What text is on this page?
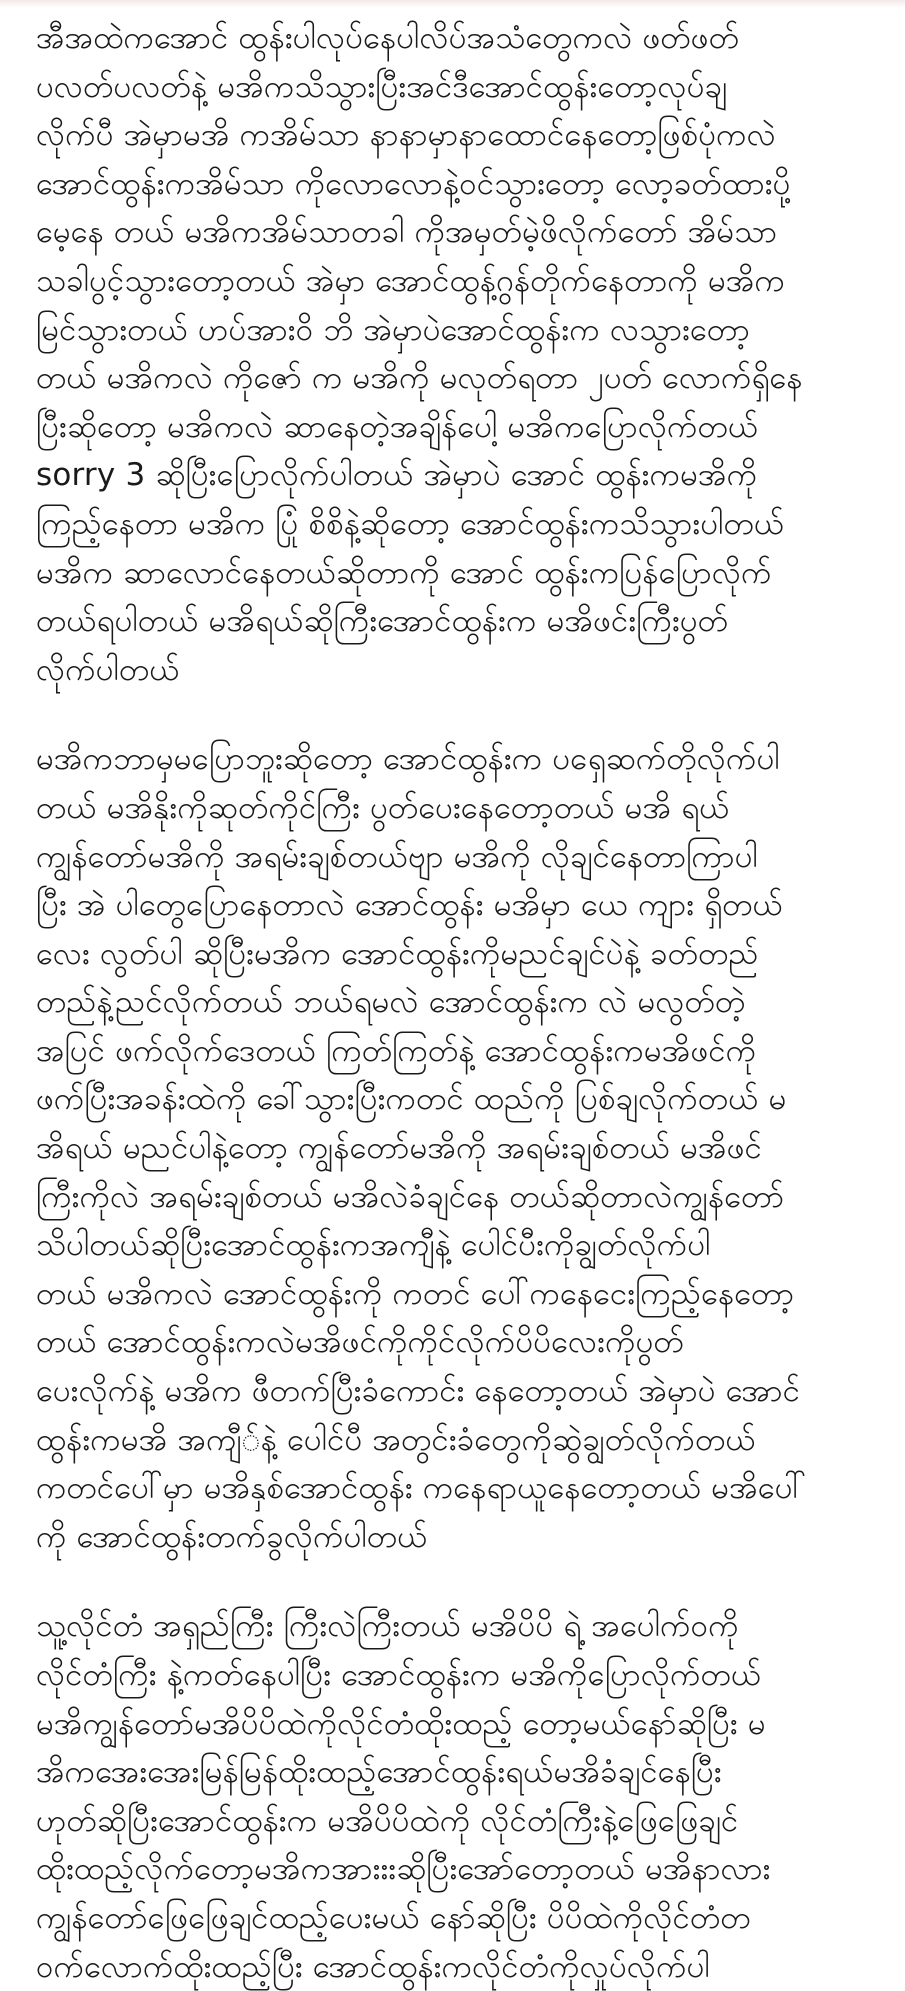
အီအထဲကအောင် ထွန်းပါလုပ်နေပါလိပ်အသံတွေကလဲ ဖတ်ဖတ်
ပလတ်ပလတ်နဲ့ မအိကသိသွားပြီးအင်ဒီအောင်ထွန်းတော့လုပ်ချ
လိုက်ပီ အဲမှာမအိ ကအိမ်သာ နာနာမှာနာထောင်နေတော့ဖြစ်ပုံကလဲ
အောင်ထွန်းကအိမ်သာ ကိုလောလောနဲ့ဝင်သွားတော့ လော့ခတ်ထားပို့
မေ့နေ တယ် မအိကအိမ်သာတခါ ကိုအမှတ်မဲ့ဖိလိုက်တော် အိမ်သာ
သခါပွင့်သွားတော့တယ် အဲမှာ အောင်ထွန့်ဂွန်တိုက်နေတာကို မအိက
မြင်သွားတယ် ဟပ်အားဝိ ဘိ အဲမှာပဲအောင်ထွန်းက လသွားတော့
တယ် မအိကလဲ ကိုဇော် က မအိကို မလုတ်ရတာ ၂ပတ် လောက်ရှိနေ
ပြီးဆိုတော့ မအိကလဲ ဆာနေတဲ့အချိန်ပေါ့ မအိကပြောလိုက်တယ်
sorry 3 ဆိုပြီးပြောလိုက်ပါတယ် အဲမှာပဲ အောင် ထွန်းကမအိကို
ကြည့်နေတာ မအိက ပြုံ စိစိနဲ့ဆိုတော့ အောင်ထွန်းကသိသွားပါတယ်
မအိက ဆာလောင်နေတယ်ဆိုတာကို အောင် ထွန်းကပြန်ပြောလိုက်
တယ်ရပါတယ် မအိရယ်ဆိုကြီးအောင်ထွန်းက မအိဖင်းကြီးပွတ်
လိုက်ပါတယ်

မအိကဘာမှမပြောဘူးဆိုတော့ အောင်ထွန်းက ပရှေဆက်တိုလိုက်ပါ
တယ် မအိနိုးကိုဆုတ်ကိုင်ကြီး ပွတ်ပေးနေတော့တယ် မအိ ရယ်
ကျွန်တော်မအိကို အရမ်းချစ်တယ်ဗျာ မအိကို လိုချင်နေတာကြာပါ
ပြီး အဲ ပါတွေပြောနေတာလဲ အောင်ထွန်း မအိမှာ ယေ ကျား ရှိတယ်
လေး လွတ်ပါ ဆိုပြီးမအိက အောင်ထွန်းကိုမညင်ချင်ပဲနဲ့ ခတ်တည်
တည်နဲ့ညင်လိုက်တယ် ဘယ်ရမလဲ အောင်ထွန်းက လဲ မလွတ်တဲ့
အပြင် ဖက်လိုက်ဒေတယ် ကြတ်ကြတ်နဲ့ အောင်ထွန်းကမအိဖင်ကို
ဖက်ပြီးအခန်းထဲကို ခေါ်သွားပြီးကတင် ထည်ကို ပြစ်ချလိုက်တယ် မ
အိရယ် မညင်ပါနဲ့တော့ ကျွန်တော်မအိကို အရမ်းချစ်တယ် မအိဖင်
ကြီးကိုလဲ အရမ်းချစ်တယ် မအိလဲခံချင်နေ တယ်ဆိုတာလဲကျွန်တော်
သိပါတယ်ဆိုပြီးအောင်ထွန်းကအကျီနဲ့ ပေါင်ပီးကိုချွတ်လိုက်ပါ
တယ် မအိကလဲ အောင်ထွန်းကို ကတင် ပေါ်ကနေငေးကြည့်နေတော့
တယ် အောင်ထွန်းကလဲမအိဖင်ကိုကိုင်လိုက်ပိပိလေးကိုပွတ်
ပေးလိုက်နဲ့ မအိက ဖီတက်ပြီးခံကောင်း နေတော့တယ် အဲမှာပဲ အောင်
ထွန်းကမအိ အကျီ်နဲ့ ပေါင်ပီ အတွင်းခံတွေကိုဆွဲချွတ်လိုက်တယ်
ကတင်ပေါ်မှာ မအိနှစ်အောင်ထွန်း ကနေရာယူနေတော့တယ် မအိပေါ်
ကို အောင်ထွန်းတက်ခွလိုက်ပါတယ်

သူ့လိုင်တံ အရှည်ကြီး ကြီးလဲကြီးတယ် မအိပိပိ ရဲ့ အပေါက်ဝကို
လိုင်တံကြီး နဲ့ကတ်နေပါပြီး အောင်ထွန်းက မအိကိုပြောလိုက်တယ်
မအိကျွန်တော်မအိပိပိထဲကိုလိုင်တံထိုးထည့် တော့မယ်နော်ဆိုပြီး မ
အိကအေးအေးမြန်မြန်ထိုးထည့်အောင်ထွန်းရယ်မအိခံချင်နေပြီး
ဟုတ်ဆိုပြီးအောင်ထွန်းက မအိပိပိထဲကို လိုင်တံကြီးနဲ့ဖြေဖြေချင်
ထိုးထည့်လိုက်တော့မအိကအားးးဆိုပြီးအော်တော့တယ် မအိနာလား
ကျွန်တော်ဖြေဖြေချင်ထည့်ပေးမယ် နော်ဆိုပြီး ပိပိထဲကိုလိုင်တံတ
ဝက်လောက်ထိုးထည့်ပြီး အောင်ထွန်းကလိုင်တံကိုလှုပ်လိုက်ပါ
